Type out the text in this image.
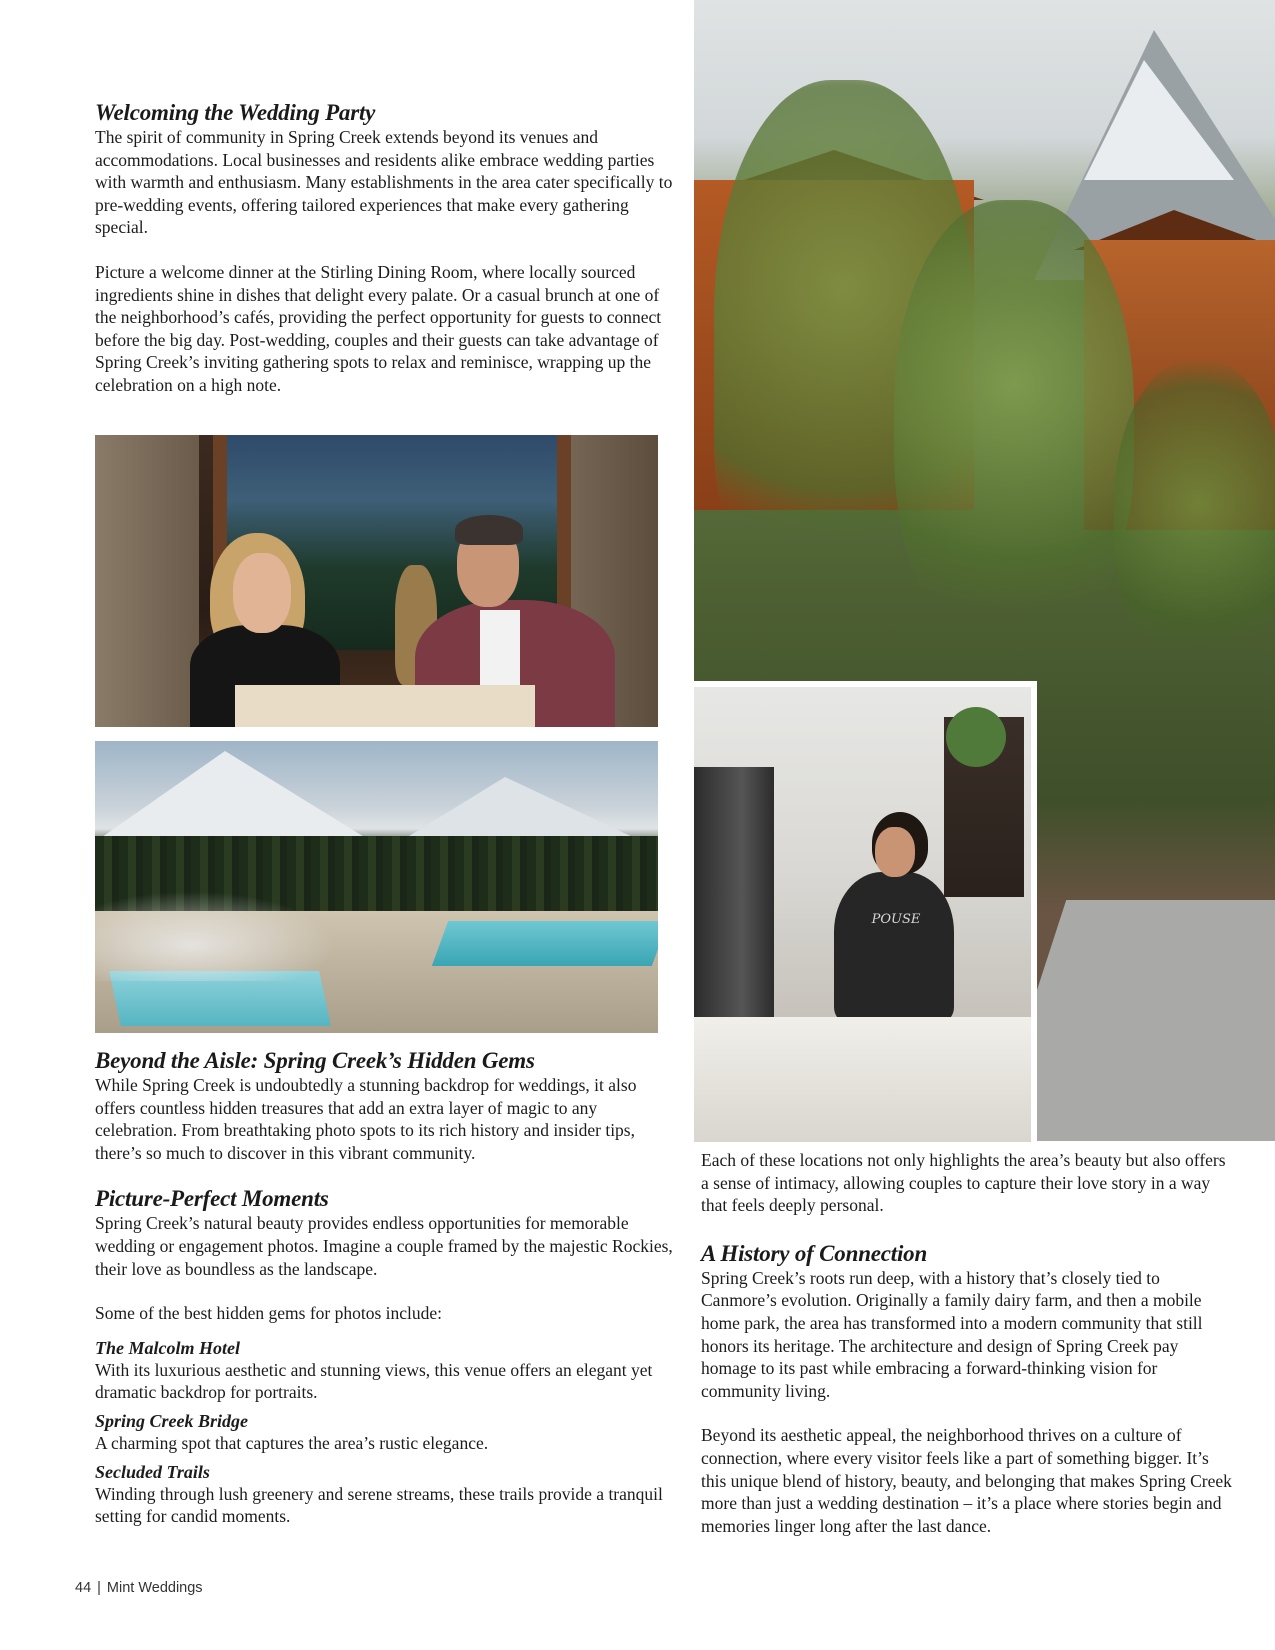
POUSE
Welcoming the Wedding Party

The spirit of community in Spring Creek extends beyond its venues and accommodations. Local businesses and residents alike embrace wedding parties with warmth and enthusiasm. Many establishments in the area cater specifically to pre-wedding events, offering tailored experiences that make every gathering special.

Picture a welcome dinner at the Stirling Dining Room, where locally sourced ingredients shine in dishes that delight every palate. Or a casual brunch at one of the neighborhood’s cafés, providing the perfect opportunity for guests to connect before the big day. Post-wedding, couples and their guests can take advantage of Spring Creek’s inviting gathering spots to relax and reminisce, wrapping up the celebration on a high note.

Beyond the Aisle: Spring Creek’s Hidden Gems

While Spring Creek is undoubtedly a stunning backdrop for weddings, it also offers countless hidden treasures that add an extra layer of magic to any celebration. From breathtaking photo spots to its rich history and insider tips, there’s so much to discover in this vibrant community.

Picture-Perfect Moments

Spring Creek’s natural beauty provides endless opportunities for memorable wedding or engagement photos. Imagine a couple framed by the majestic Rockies, their love as boundless as the landscape.

Some of the best hidden gems for photos include:

The Malcolm Hotel

With its luxurious aesthetic and stunning views, this venue offers an elegant yet dramatic backdrop for portraits.

Spring Creek Bridge

A charming spot that captures the area’s rustic elegance.

Secluded Trails

Winding through lush greenery and serene streams, these trails provide a tranquil setting for candid moments.

Each of these locations not only highlights the area’s beauty but also offers a sense of intimacy, allowing couples to capture their love story in a way that feels deeply personal.

A History of Connection

Spring Creek’s roots run deep, with a history that’s closely tied to Canmore’s evolution. Originally a family dairy farm, and then a mobile home park, the area has transformed into a modern community that still honors its heritage. The architecture and design of Spring Creek pay homage to its past while embracing a forward-thinking vision for community living.

Beyond its aesthetic appeal, the neighborhood thrives on a culture of connection, where every visitor feels like a part of something bigger. It’s this unique blend of history, beauty, and belonging that makes Spring Creek more than just a wedding destination – it’s a place where stories begin and memories linger long after the last dance.

44 | Mint Weddings
